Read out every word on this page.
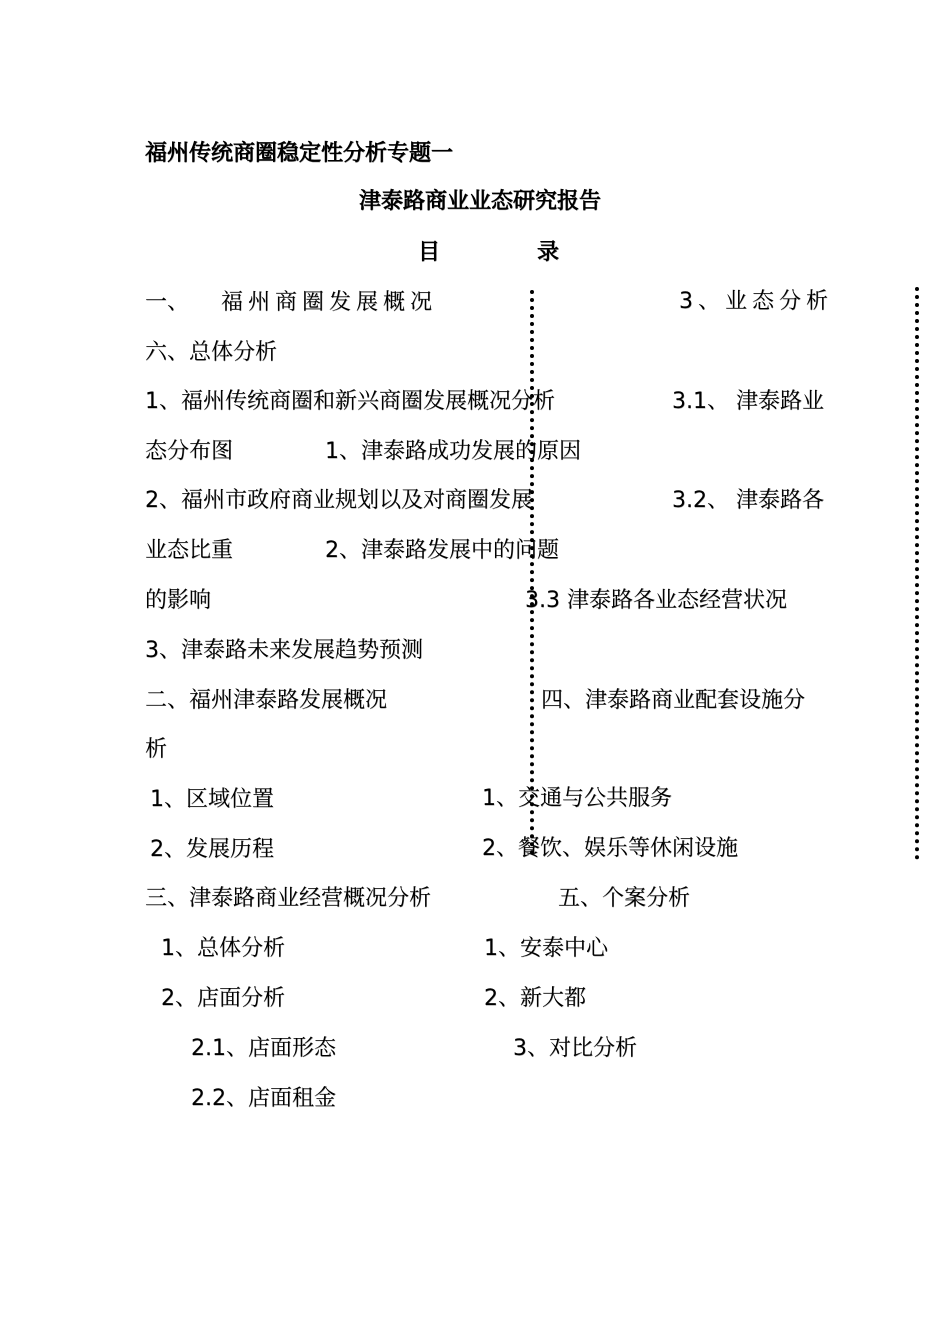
福州传统商圈稳定性分析专题一
津泰路商业业态研究报告
目	录
一、 福州商圈发展概况	3、业态分析
六、总体分析
1、福州传统商圈和新兴商圈发展概况分析	3.1、 津泰路业
态分布图	1、津泰路成功发展的原因
2、福州市政府商业规划以及对商圈发展	3.2、 津泰路各
业态比重	2、津泰路发展中的问题
的影响	3.3 津泰路各业态经营状况
3、津泰路未来发展趋势预测
二、福州津泰路发展概况	四、津泰路商业配套设施分
析
1、区域位置	1、交通与公共服务
2、发展历程	2、餐饮、娱乐等休闲设施
三、津泰路商业经营概况分析	五、个案分析
1、总体分析	1、安泰中心
2、店面分析	2、新大都
2.1、店面形态	3、对比分析
2.2、店面租金
